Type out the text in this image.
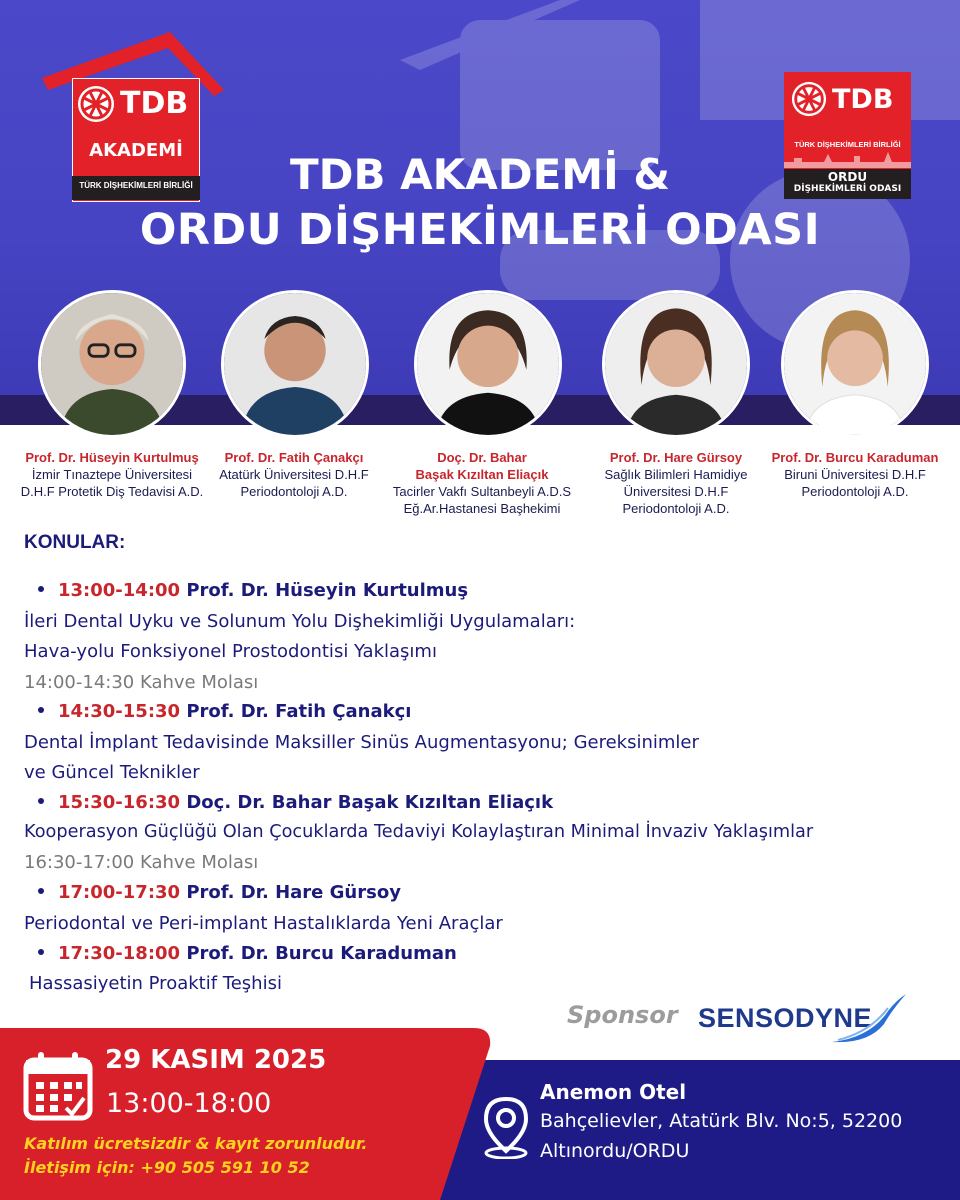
TDB
AKADEMİ
TÜRK DİŞHEKİMLERİ BİRLİĞİ
TDB
TÜRK DİŞHEKİMLERİ BİRLİĞİ
ORDU
DİŞHEKİMLERİ ODASI
TDB AKADEMİ &
ORDU DİŞHEKİMLERİ ODASI
Prof. Dr. Hüseyin Kurtulmuş
İzmir Tınaztepe Üniversitesi
D.H.F Protetik Diş Tedavisi A.D.
Prof. Dr. Fatih Çanakçı
Atatürk Üniversitesi D.H.F
Periodontoloji A.D.
Doç. Dr. Bahar
Başak Kızıltan Eliaçık
Tacirler Vakfı Sultanbeyli A.D.S
Eğ.Ar.Hastanesi Başhekimi
Prof. Dr. Hare Gürsoy
Sağlık Bilimleri Hamidiye
Üniversitesi D.H.F
Periodontoloji A.D.
Prof. Dr. Burcu Karaduman
Biruni Üniversitesi D.H.F
Periodontoloji A.D.
KONULAR:
13:00-14:00 Prof. Dr. Hüseyin Kurtulmuş
İleri Dental Uyku ve Solunum Yolu Dişhekimliği Uygulamaları:
Hava-yolu Fonksiyonel Prostodontisi Yaklaşımı
14:00-14:30 Kahve Molası
14:30-15:30 Prof. Dr. Fatih Çanakçı
Dental İmplant Tedavisinde Maksiller Sinüs Augmentasyonu; Gereksinimler
ve Güncel Teknikler
15:30-16:30 Doç. Dr. Bahar Başak Kızıltan Eliaçık
Kooperasyon Güçlüğü Olan Çocuklarda Tedaviyi Kolaylaştıran Minimal İnvaziv Yaklaşımlar
16:30-17:00 Kahve Molası
17:00-17:30 Prof. Dr. Hare Gürsoy
Periodontal ve Peri-implant Hastalıklarda Yeni Araçlar
17:30-18:00 Prof. Dr. Burcu Karaduman
Hassasiyetin Proaktif Teşhisi
Sponsor SENSODYNE
29 KASIM 2025
13:00-18:00
Katılım ücretsizdir & kayıt zorunludur.
İletişim için: +90 505 591 10 52
Anemon Otel
Bahçelievler, Atatürk Blv. No:5, 52200
Altınordu/ORDU
